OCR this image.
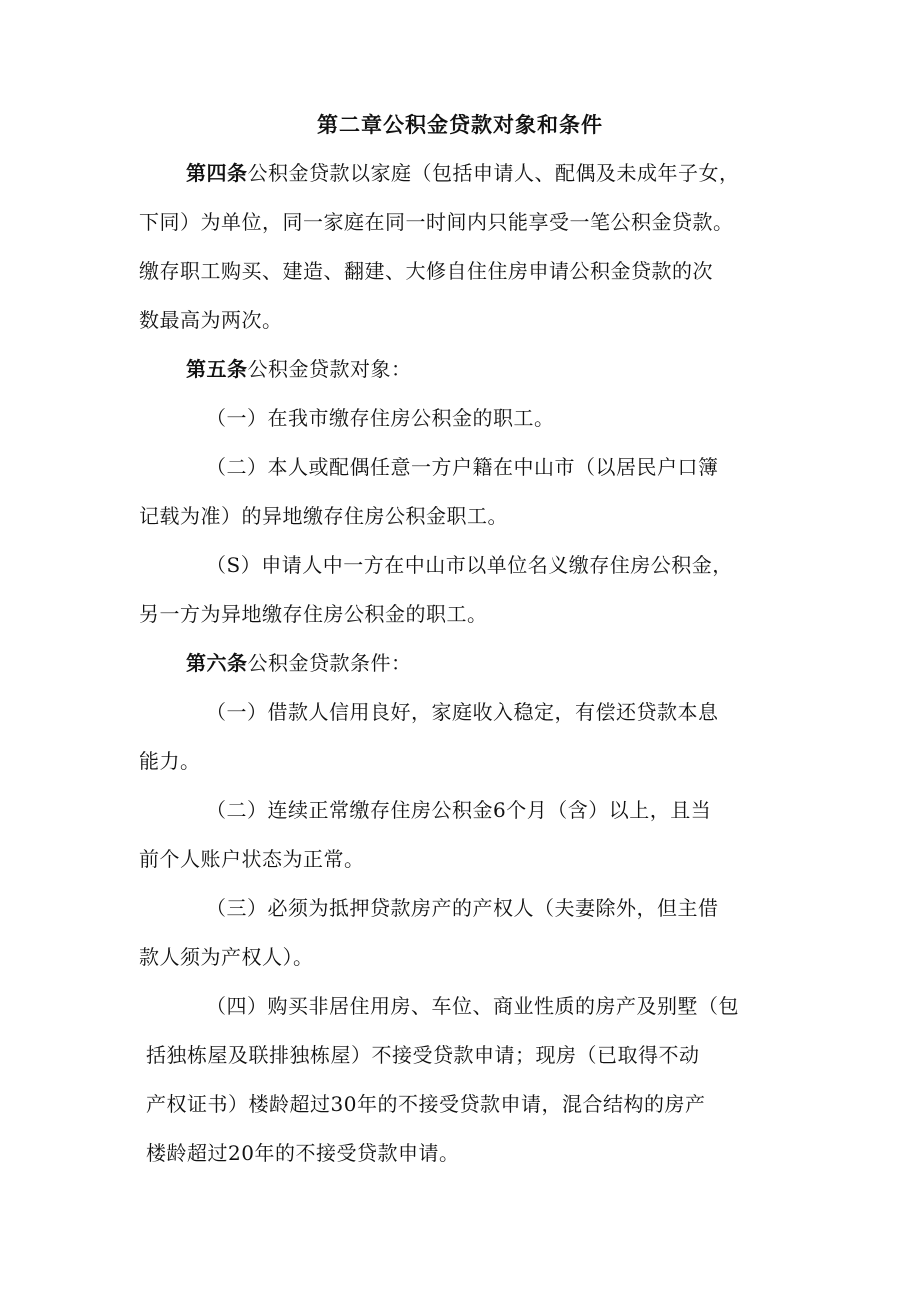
第二章公积金贷款对象和条件
第四条公积金贷款以家庭（包括申请人、配偶及未成年子女，
下同）为单位，同一家庭在同一时间内只能享受一笔公积金贷款。
缴存职工购买、建造、翻建、大修自住住房申请公积金贷款的次
数最高为两次。
第五条公积金贷款对象：
（一）在我市缴存住房公积金的职工。
（二）本人或配偶任意一方户籍在中山市（以居民户口簿
记载为准）的异地缴存住房公积金职工。
（S）申请人中一方在中山市以单位名义缴存住房公积金，
另一方为异地缴存住房公积金的职工。
第六条公积金贷款条件：
（一）借款人信用良好，家庭收入稳定，有偿还贷款本息
能力。
（二）连续正常缴存住房公积金6个月（含）以上，且当
前个人账户状态为正常。
（三）必须为抵押贷款房产的产权人（夫妻除外，但主借
款人须为产权人）。
（四）购买非居住用房、车位、商业性质的房产及别墅（包
括独栋屋及联排独栋屋）不接受贷款申请；现房（已取得不动
产权证书）楼龄超过30年的不接受贷款申请，混合结构的房产
楼龄超过20年的不接受贷款申请。
